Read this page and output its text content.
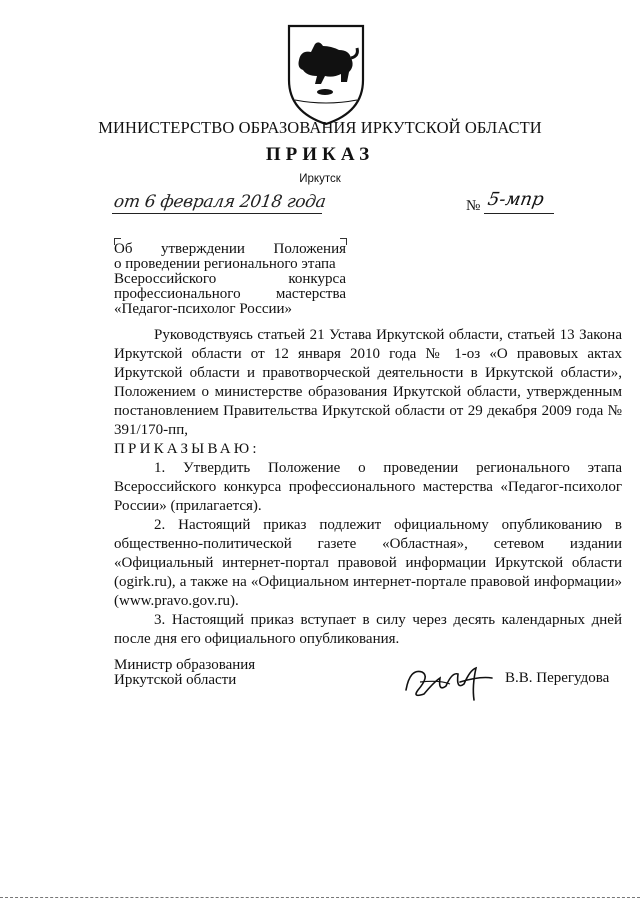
МИНИСТЕРСТВО ОБРАЗОВАНИЯ ИРКУТСКОЙ ОБЛАСТИ
ПРИКАЗ
Иркутск
от 6 февраля 2018 года	№ 5-мпр
Об утверждении Положения
о проведении регионального этапа
Всероссийского	конкурса
профессионального мастерства
«Педагог-психолог России»

Руководствуясь статьей 21 Устава Иркутской области, статьей 13 Закона Иркутской области от 12 января 2010 года № 1-оз «О правовых актах Иркутской области и правотворческой деятельности в Иркутской области», Положением о министерстве образования Иркутской области, утвержденным постановлением Правительства Иркутской области от 29 декабря 2009 года № 391/170-пп,

ПРИКАЗЫВАЮ:

1. Утвердить Положение о проведении регионального этапа Всероссийского конкурса профессионального мастерства «Педагог-психолог России» (прилагается).

2. Настоящий приказ подлежит официальному опубликованию в общественно-политической газете «Областная», сетевом издании «Официальный интернет-портал правовой информации Иркутской области (ogirk.ru), а также на «Официальном интернет-портале правовой информации» (www.pravo.gov.ru).

3. Настоящий приказ вступает в силу через десять календарных дней после дня его официального опубликования.

Министр образования
Иркутской области	В.В. Перегудова
